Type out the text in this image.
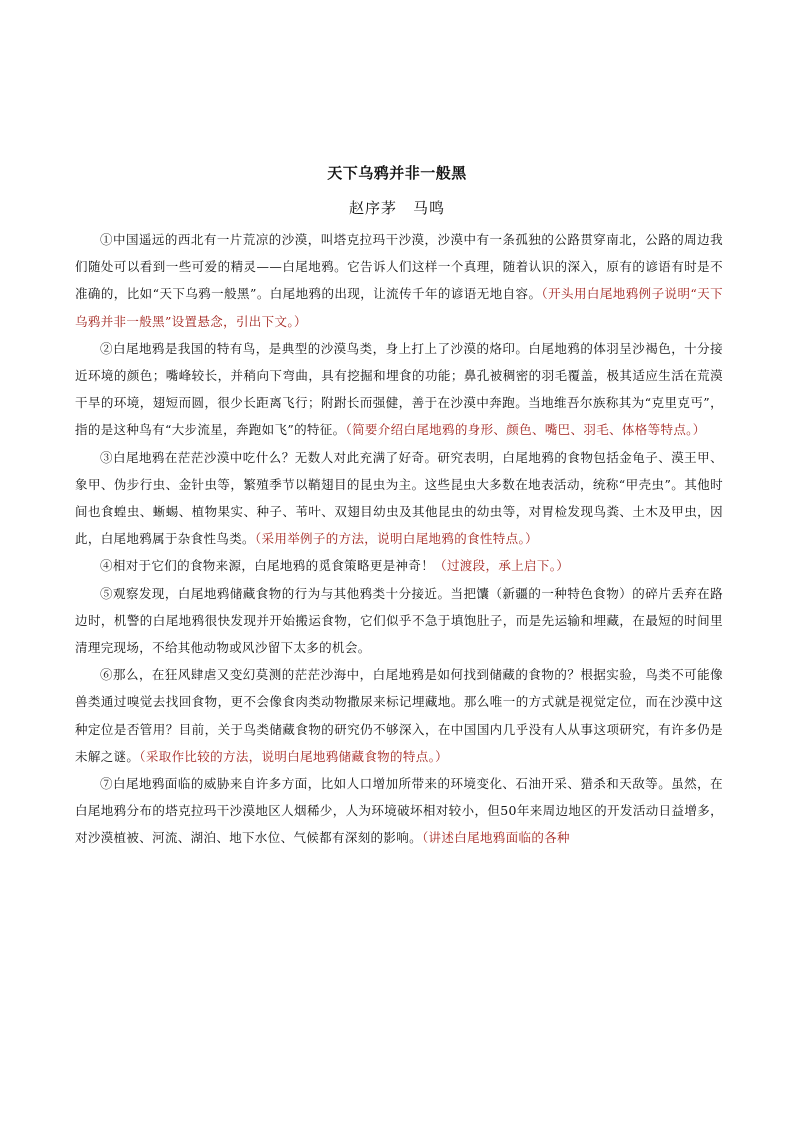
天下乌鸦并非一般黑
赵序茅　马鸣

①中国遥远的西北有一片荒凉的沙漠，叫塔克拉玛干沙漠，沙漠中有一条孤独的公路贯穿南北，公路的周边我们随处可以看到一些可爱的精灵——白尾地鸦。它告诉人们这样一个真理，随着认识的深入，原有的谚语有时是不准确的，比如“天下乌鸦一般黑”。白尾地鸦的出现，让流传千年的谚语无地自容。（开头用白尾地鸦例子说明“天下乌鸦并非一般黑”设置悬念，引出下文。）

②白尾地鸦是我国的特有鸟，是典型的沙漠鸟类，身上打上了沙漠的烙印。白尾地鸦的体羽呈沙褐色，十分接近环境的颜色；嘴峰较长，并稍向下弯曲，具有挖掘和埋食的功能；鼻孔被稠密的羽毛覆盖，极其适应生活在荒漠干旱的环境，翅短而圆，很少长距离飞行；附跗长而强健，善于在沙漠中奔跑。当地维吾尔族称其为“克里克丐”，指的是这种鸟有“大步流星，奔跑如飞”的特征。（简要介绍白尾地鸦的身形、颜色、嘴巴、羽毛、体格等特点。）

③白尾地鸦在茫茫沙漠中吃什么？无数人对此充满了好奇。研究表明，白尾地鸦的食物包括金龟子、漠王甲、象甲、伪步行虫、金针虫等，繁殖季节以鞘翅目的昆虫为主。这些昆虫大多数在地表活动，统称“甲壳虫”。其他时间也食蝗虫、蜥蜴、植物果实、种子、苇叶、双翅目幼虫及其他昆虫的幼虫等，对胃检发现鸟粪、土木及甲虫，因此，白尾地鸦属于杂食性鸟类。（采用举例子的方法，说明白尾地鸦的食性特点。）

④相对于它们的食物来源，白尾地鸦的觅食策略更是神奇！（过渡段，承上启下。）

⑤观察发现，白尾地鸦储藏食物的行为与其他鸦类十分接近。当把馕（新疆的一种特色食物）的碎片丢弃在路边时，机警的白尾地鸦很快发现并开始搬运食物，它们似乎不急于填饱肚子，而是先运输和埋藏，在最短的时间里清理完现场，不给其他动物或风沙留下太多的机会。

⑥那么，在狂风肆虐又变幻莫测的茫茫沙海中，白尾地鸦是如何找到储藏的食物的？根据实验，鸟类不可能像兽类通过嗅觉去找回食物，更不会像食肉类动物撒尿来标记埋藏地。那么唯一的方式就是视觉定位，而在沙漠中这种定位是否管用？目前，关于鸟类储藏食物的研究仍不够深入，在中国国内几乎没有人从事这项研究，有许多仍是未解之谜。（采取作比较的方法，说明白尾地鸦储藏食物的特点。）

⑦白尾地鸦面临的威胁来自许多方面，比如人口增加所带来的环境变化、石油开采、猎杀和天敌等。虽然，在白尾地鸦分布的塔克拉玛干沙漠地区人烟稀少，人为环境破坏相对较小，但50年来周边地区的开发活动日益增多，对沙漠植被、河流、湖泊、地下水位、气候都有深刻的影响。（讲述白尾地鸦面临的各种
